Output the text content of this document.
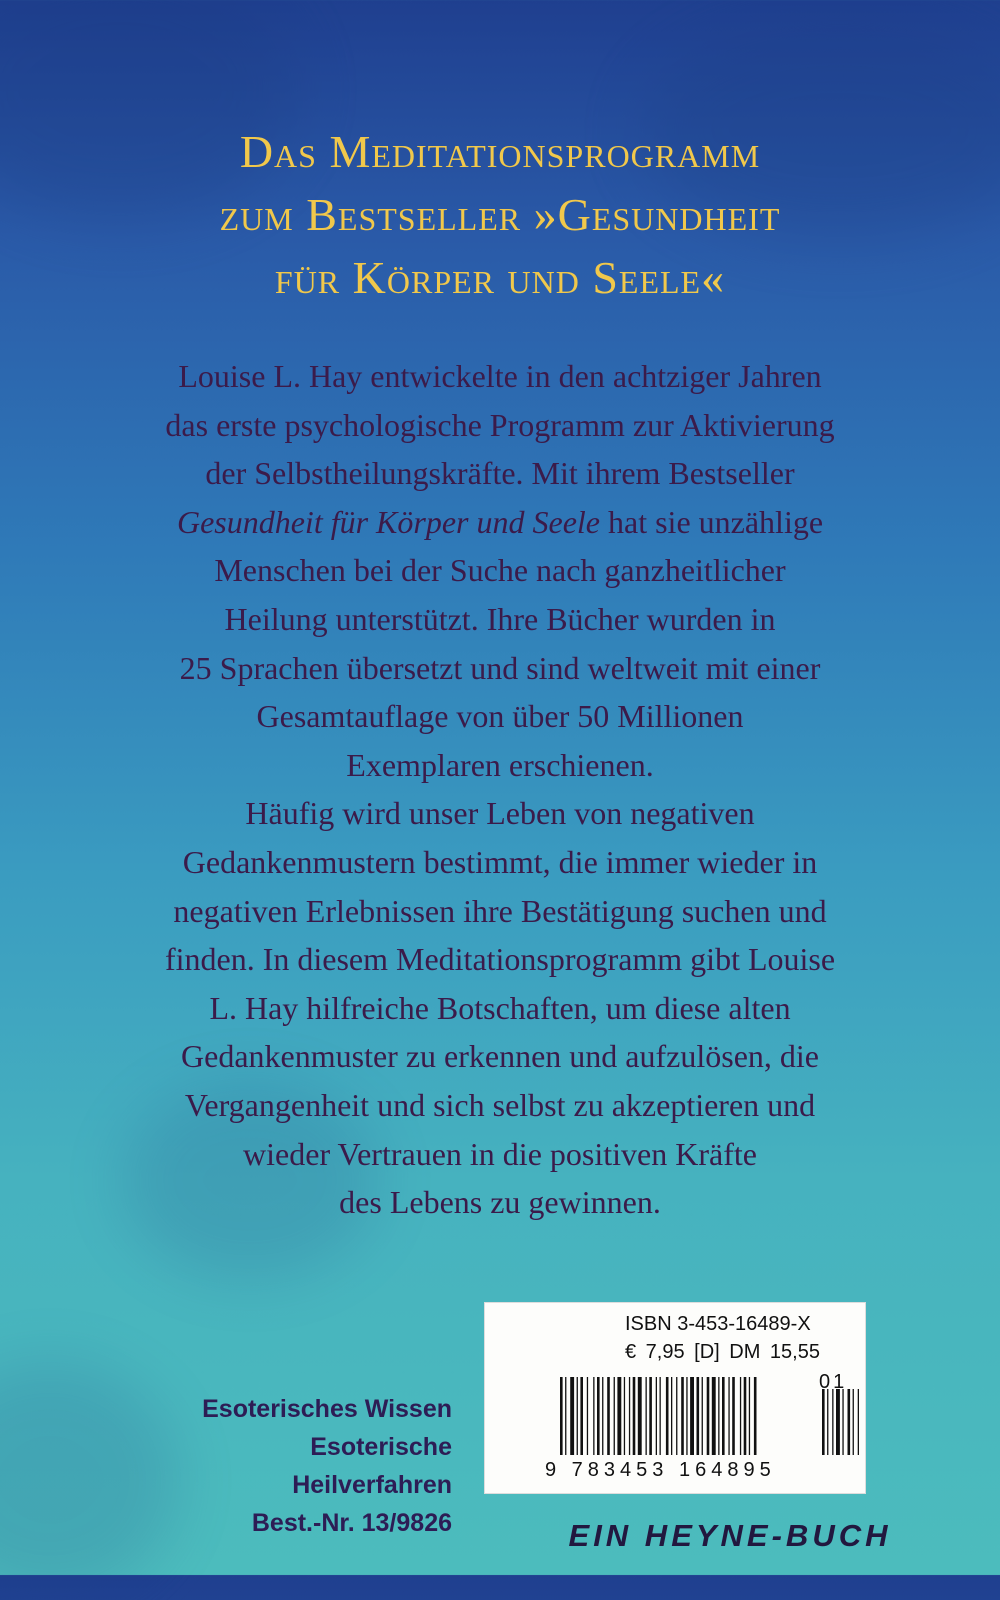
Das Meditationsprogramm
zum Bestseller »Gesundheit
für Körper und Seele«
Louise L. Hay entwickelte in den achtziger Jahren
das erste psychologische Programm zur Aktivierung
der Selbstheilungskräfte. Mit ihrem Bestseller
Gesundheit für Körper und Seele hat sie unzählige
Menschen bei der Suche nach ganzheitlicher
Heilung unterstützt. Ihre Bücher wurden in
25 Sprachen übersetzt und sind weltweit mit einer
Gesamtauflage von über 50 Millionen
Exemplaren erschienen.
Häufig wird unser Leben von negativen
Gedankenmustern bestimmt, die immer wieder in
negativen Erlebnissen ihre Bestätigung suchen und
finden. In diesem Meditationsprogramm gibt Louise
L. Hay hilfreiche Botschaften, um diese alten
Gedankenmuster zu erkennen und aufzulösen, die
Vergangenheit und sich selbst zu akzeptieren und
wieder Vertrauen in die positiven Kräfte
des Lebens zu gewinnen.
Esoterisches Wissen
Esoterische Heilverfahren
Best.-Nr. 13/9826
ISBN 3-453-16489-X
€ 7,95 [D] DM 15,55
01
9 783453 164895
EIN HEYNE-BUCH
